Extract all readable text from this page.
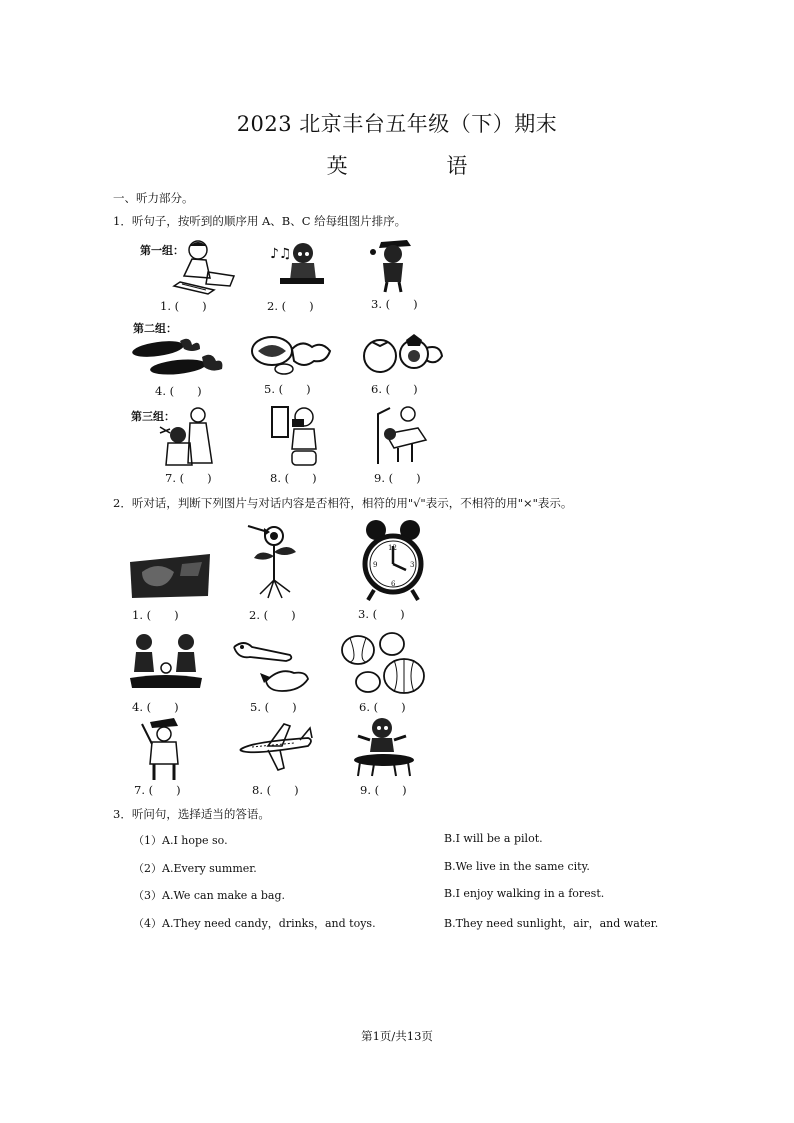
2023 北京丰台五年级（下）期末
英 语
一、听力部分。
1．听句子，按听到的顺序用 A、B、C 给每组图片排序。
第一组：
第二组：
第三组：
♪♫
1. (　　)	2. (　　)	3. (　　)
4. (　　)	5. (　　)	6. (　　)
7. (　　)	8. (　　)	9. (　　)
2．听对话，判断下列图片与对话内容是否相符，相符的用"√"表示，不相符的用"×"表示。
12
3
6
9
1. (　　)	2. (　　)	3. (　　)
4. (　　)	5. (　　)	6. (　　)
7. (　　)	8. (　　)	9. (　　)
3．听问句，选择适当的答语。
（1）A.I hope so.	B.I will be a pilot.
（2）A.Every summer.	B.We live in the same city.
（3）A.We can make a bag.	B.I enjoy walking in a forest.
（4）A.They need candy，drinks，and toys.	B.They need sunlight，air，and water.
第1页/共13页
